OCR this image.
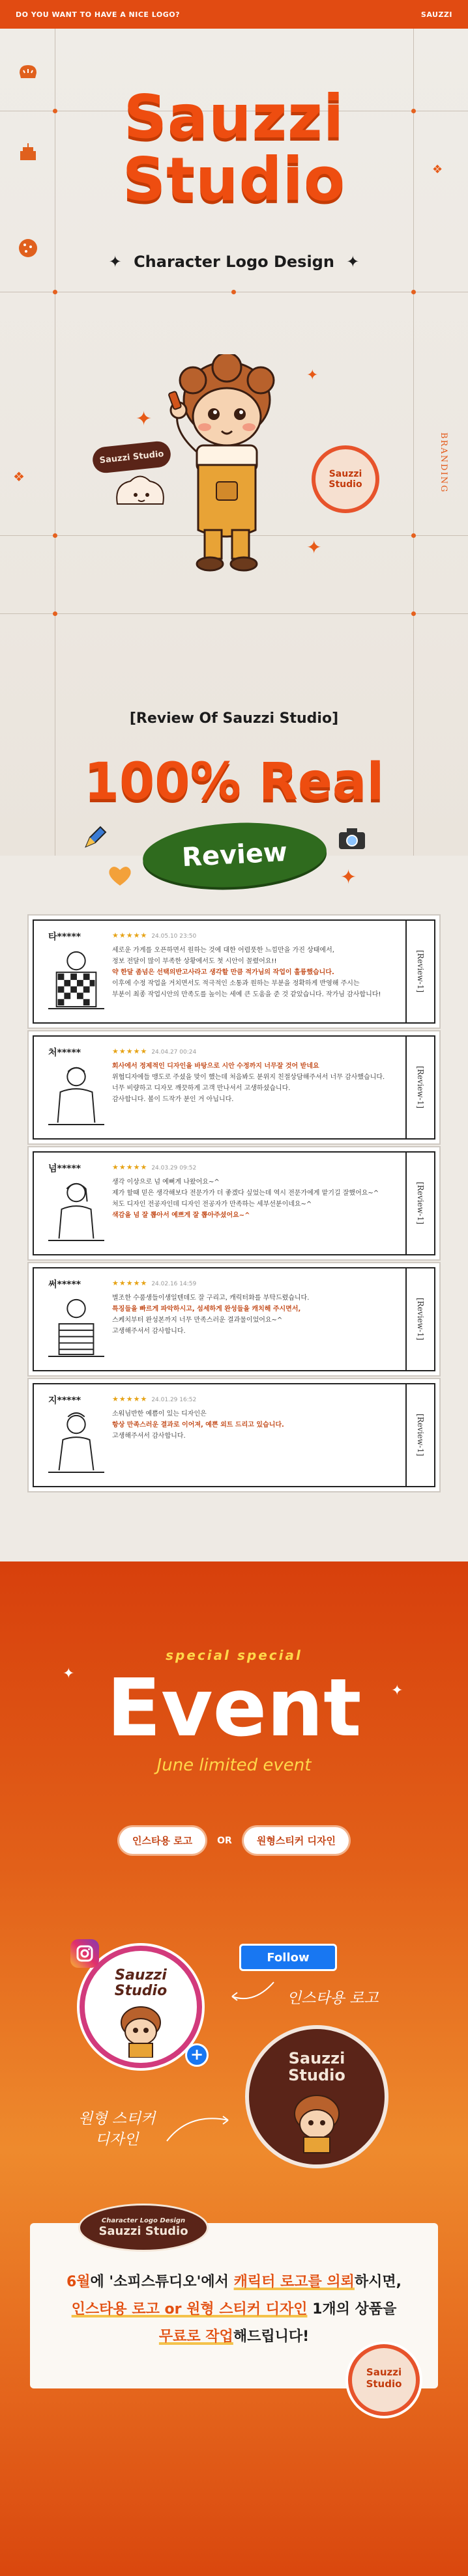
DO YOU WANT TO HAVE A NICE LOGO?	SAUZZI
❖
❖
Sauzzi
Studio
✦ Character Logo Design ✦
BRANDING
✦
✦
✦
Sauzzi Studio
Sauzzi
Studio
[Review Of Sauzzi Studio]
100% Real
Review
✦
타*****	★★★★★ 24.05.10 23:50

세로운 가게를 오픈하면서 원하는 것에 대한 어렴풋한 느낌만을 가진 상태에서,

정보 전달이 많이 부족한 상황에서도 첫 시안이 꼴렸어요!!

약 한달 좀넘은 선택의반고사라고 생각할 만큼 적가님의 작업이 훌륭했습니다.

이후에 수정 작업을 거치면서도 적극적인 소통과 원하는 부분을 정확하게 반영해 주시는

부분이 최종 작업시안의 만족도를 높이는 세예 큰 도움을 준 것 같았습니다. 작가님 감사합니다!

[Review-1]
처*****	★★★★★ 24.04.27 00:24

회사에서 정제적인 디자인을 바탕으로 시안 수정까지 너무잘 것어 받네요

위협디자에들 맹도로 주셨을 맞이 했는데 처음봐도 분위지 친절상담해주셔서 너무 감사했습니다.

너무 비량하고 디자모 깨끗하게 고객 만나셔서 고생하셨습니다.

감사합니다. 볼이 드작가 분인 거 아닙니다.	[Review-1]
넘*****	★★★★★ 24.03.29 09:52

생각 이상으로 넘 예뻐게 나왔어요~^

제가 할때 믿은 생각해보다 전문가가 더 좋겠다 싶었는데 역시 전문가에게 맡기길 잘했어요~^

처도 디자인 전공자인데 디자인 전공자가 만족하는 세부선분이네요~^

색감을 넘 잘 뽑아서 예쁘게 잘 뽑아주셨어요~^	[Review-1]
써*****	★★★★★ 24.02.16 14:59

별조한 수품생들이생일텐데도 잘 구리고, 캐릭터화를 부탁드렸습니다.

특징들을 빠르게 파악하시고, 섬세하게 완성들을 캐치해 주시면서,

스케치부터 완성본까지 너무 만족스러운 결과물이었어요~^

고생해주셔서 감사합니다.	[Review-1]
지*****	★★★★★ 24.01.29 16:52

소워님반한 예쁨이 있는 디자인은

항상 만족스러운 결과로 이어져, 예쁜 외트 드리고 있습니다.

고생해주셔서 감사합니다.	[Review-1]
✦
✦
special special
Event
June limited event
인스타용 로고	OR	원형스티커 디자인
Sauzzi
Studio
+
Follow
인스타용 로고
원형 스티커
디자인
Sauzzi
Studio
Character Logo Design
Sauzzi Studio
6월에 '소피스튜디오'에서 캐릭터 로고를 의뢰하시면,
인스타용 로고 or 원형 스티커 디자인 1개의 상품을
무료로 작업해드립니다!
Sauzzi
Studio
